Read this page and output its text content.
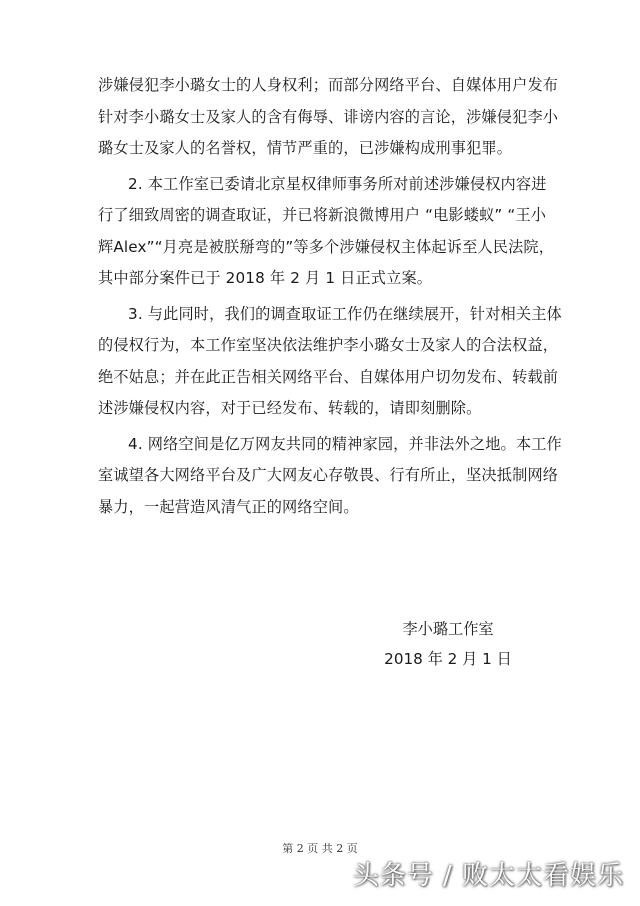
涉嫌侵犯李小璐女士的人身权利；而部分网络平台、自媒体用户发布
针对李小璐女士及家人的含有侮辱、诽谤内容的言论，涉嫌侵犯李小
璐女士及家人的名誉权，情节严重的，已涉嫌构成刑事犯罪。
2. 本工作室已委请北京星权律师事务所对前述涉嫌侵权内容进
行了细致周密的调查取证，并已将新浪微博用户 “电影蝼蚁” “王小
辉Alex”“月亮是被朕掰弯的”等多个涉嫌侵权主体起诉至人民法院，
其中部分案件已于 2018 年 2 月 1 日正式立案。
3. 与此同时，我们的调查取证工作仍在继续展开，针对相关主体
的侵权行为，本工作室坚决依法维护李小璐女士及家人的合法权益，
绝不姑息；并在此正告相关网络平台、自媒体用户切勿发布、转载前
述涉嫌侵权内容，对于已经发布、转载的，请即刻删除。
4. 网络空间是亿万网友共同的精神家园，并非法外之地。本工作
室诚望各大网络平台及广大网友心存敬畏、行有所止，坚决抵制网络
暴力，一起营造风清气正的网络空间。
李小璐工作室
2018 年 2 月 1 日
第 2 页 共 2 页
头条号 / 败太太看娱乐
